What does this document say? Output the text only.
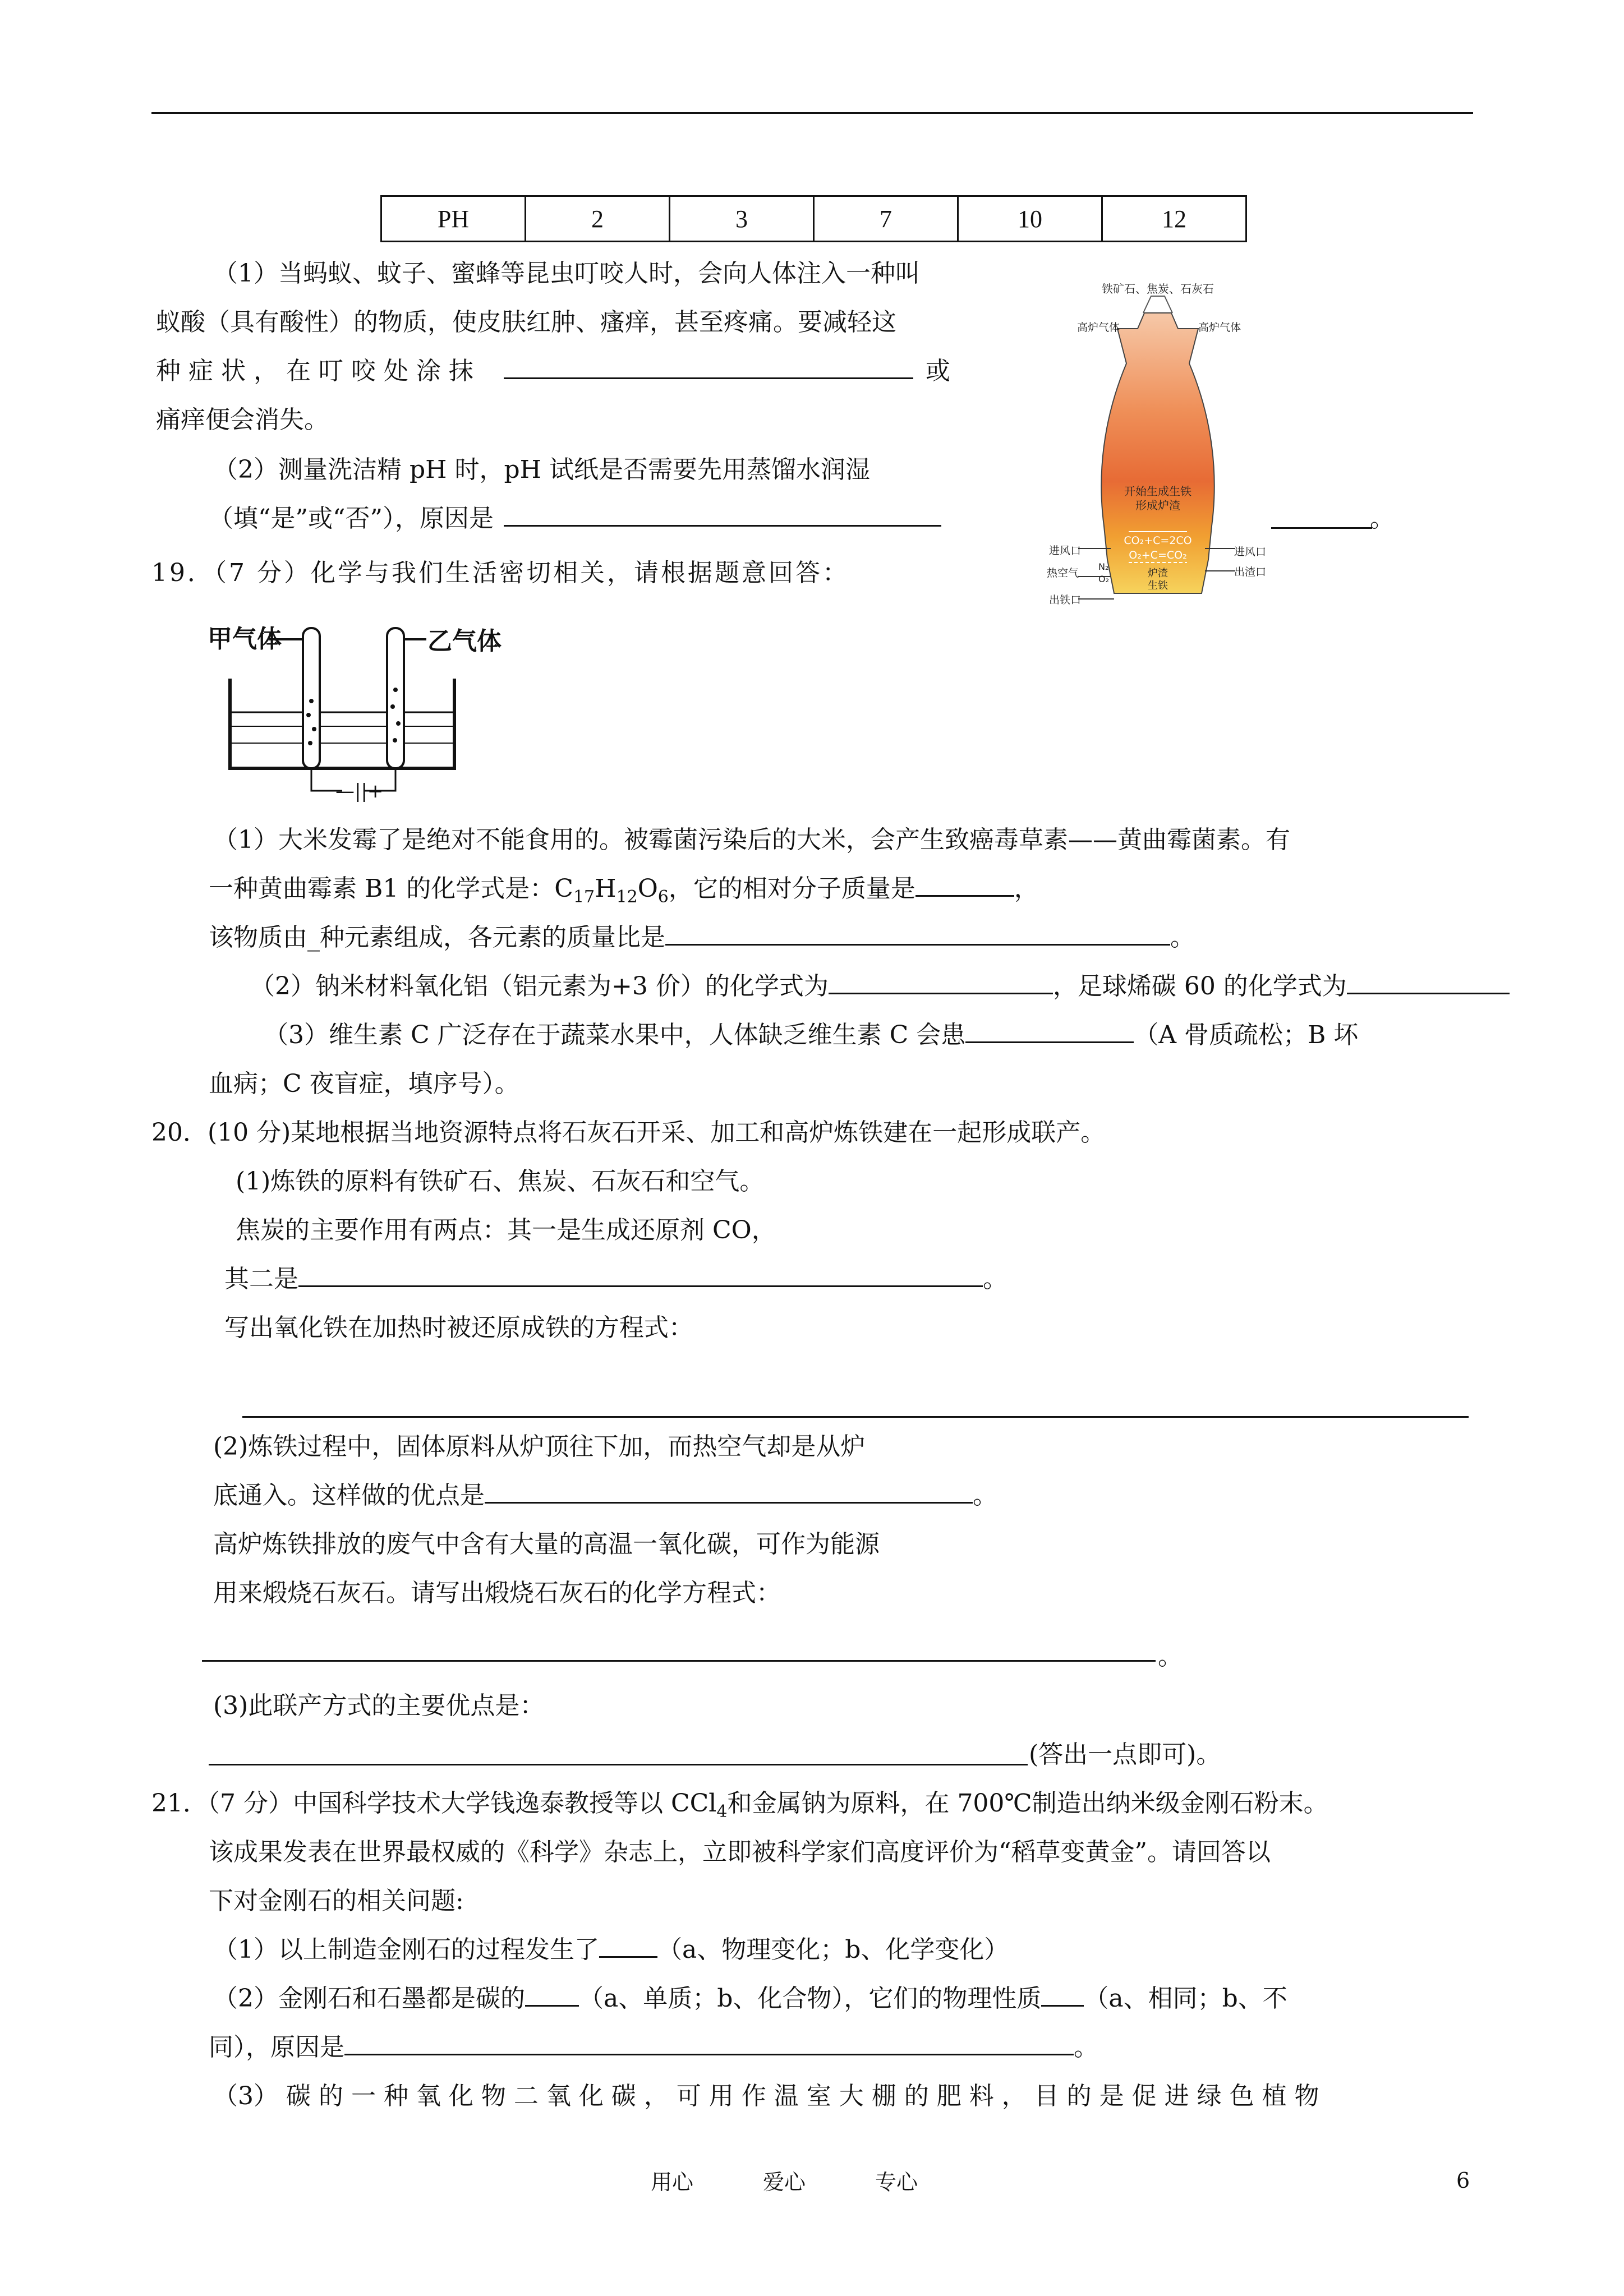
PH	2	3	7	10	12
（1）当蚂蚁、蚊子、蜜蜂等昆虫叮咬人时，会向人体注入一种叫
蚁酸（具有酸性）的物质，使皮肤红肿、瘙痒，甚至疼痛。要减轻这
种 症 状 ， 在 叮 咬 处 涂 抹	或
痛痒便会消失。
（2）测量洗洁精 pH 时，pH 试纸是否需要先用蒸馏水润湿
（填“是”或“否”），原因是	。
铁矿石、焦炭、石灰石
高炉气体	高炉气体
开始生成生铁
形成炉渣
CO₂+C=2CO
O₂+C=CO₂
进风口
热空气
N₂
O₂
出铁口
进风口
出渣口
炉渣
生铁
19．（7 分）化学与我们生活密切相关，请根据题意回答：
甲气体	乙气体
—||+
（1）大米发霉了是绝对不能食用的。被霉菌污染后的大米，会产生致癌毒草素——黄曲霉菌素。有
一种黄曲霉素 B1 的化学式是：$C_{17}H_{12}O_6$，它的相对分子质量是	，
该物质由_种元素组成，各元素的质量比是	。
（2）钠米材料氧化铝（铝元素为+3 价）的化学式为	，足球烯碳 60 的化学式为
（3）维生素 C 广泛存在于蔬菜水果中，人体缺乏维生素 C 会患	（A 骨质疏松；B 坏
血病；C 夜盲症，填序号）。
20．(10 分)某地根据当地资源特点将石灰石开采、加工和高炉炼铁建在一起形成联产。
(1)炼铁的原料有铁矿石、焦炭、石灰石和空气。
焦炭的主要作用有两点：其一是生成还原剂 CO，
其二是	。
写出氧化铁在加热时被还原成铁的方程式：
(2)炼铁过程中，固体原料从炉顶往下加，而热空气却是从炉
底通入。这样做的优点是	。
高炉炼铁排放的废气中含有大量的高温一氧化碳，可作为能源
用来煅烧石灰石。请写出煅烧石灰石的化学方程式：
。
(3)此联产方式的主要优点是：
(答出一点即可)。
21．（7 分）中国科学技术大学钱逸泰教授等以 CCl$_4$和金属钠为原料，在 700℃制造出纳米级金刚石粉末。
该成果发表在世界最权威的《科学》杂志上，立即被科学家们高度评价为“稻草变黄金”。请回答以
下对金刚石的相关问题:
（1）以上制造金刚石的过程发生了 （a、物理变化；b、化学变化）
（2）金刚石和石墨都是碳的 （a、单质；b、化合物），它们的物理性质 （a、相同；b、不
同），原因是	。
（3） 碳 的 一 种 氧 化 物 二 氧 化 碳 ， 可 用 作 温 室 大 棚 的 肥 料 ， 目 的 是 促 进 绿 色 植 物
用心	爱心	专心	6
